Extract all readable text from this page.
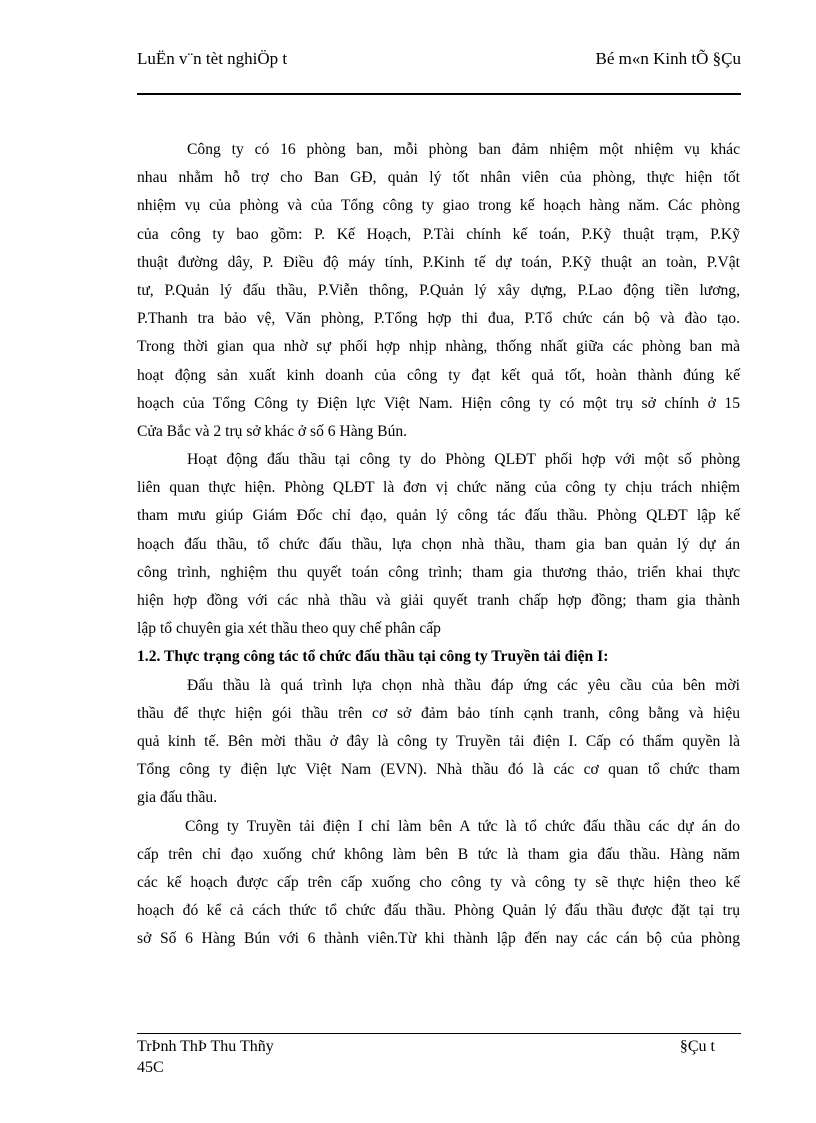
LuËn v¨n tèt nghiÖp t	Bé m«n Kinh tÕ §Çu
Công ty có 16 phòng ban, mỗi phòng ban đảm nhiệm một nhiệm vụ khác
nhau nhằm hỗ trợ cho Ban GĐ, quản lý tốt nhân viên của phòng, thực hiện tốt
nhiệm vụ của phòng và của Tổng công ty giao trong kế hoạch hàng năm. Các phòng
của công ty bao gồm: P. Kế Hoạch, P.Tài chính kế toán, P.Kỹ thuật trạm, P.Kỹ
thuật đường dây, P. Điều độ máy tính, P.Kinh tế dự toán, P.Kỹ thuật an toàn, P.Vật
tư, P.Quản lý đấu thầu, P.Viễn thông, P.Quản lý xây dựng, P.Lao động tiền lương,
P.Thanh tra bảo vệ, Văn phòng, P.Tổng hợp thi đua, P.Tổ chức cán bộ và đào tạo.
Trong thời gian qua nhờ sự phối hợp nhịp nhàng, thống nhất giữa các phòng ban mà
hoạt động sản xuất kinh doanh của công ty đạt kết quả tốt, hoàn thành đúng kế
hoạch của Tổng Công ty Điện lực Việt Nam. Hiện công ty có một trụ sở chính ở 15
Cửa Bắc và 2 trụ sở khác ở số 6 Hàng Bún.
Hoạt động đấu thầu tại công ty do Phòng QLĐT phối hợp với một số phòng
liên quan thực hiện. Phòng QLĐT là đơn vị chức năng của công ty chịu trách nhiệm
tham mưu giúp Giám Đốc chỉ đạo, quản lý công tác đấu thầu. Phòng QLĐT lập kế
hoạch đấu thầu, tổ chức đấu thầu, lựa chọn nhà thầu, tham gia ban quản lý dự án
công trình, nghiệm thu quyết toán công trình; tham gia thương thảo, triển khai thực
hiện hợp đồng với các nhà thầu và giải quyết tranh chấp hợp đồng; tham gia thành
lập tổ chuyên gia xét thầu theo quy chế phân cấp
1.2. Thực trạng công tác tổ chức đấu thầu tại công ty Truyền tải điện I:
Đấu thầu là quá trình lựa chọn nhà thầu đáp ứng các yêu cầu của bên mời
thầu để thực hiện gói thầu trên cơ sở đảm bảo tính cạnh tranh, công bằng và hiệu
quả kinh tế. Bên mời thầu ở đây là công ty Truyền tải điện I. Cấp có thẩm quyền là
Tổng công ty điện lực Việt Nam (EVN). Nhà thầu đó là các cơ quan tổ chức tham
gia đấu thầu.
Công ty Truyền tải điện I chỉ làm bên A tức là tổ chức đấu thầu các dự án do
cấp trên chỉ đạo xuống chứ không làm bên B tức là tham gia đấu thầu. Hàng năm
các kế hoạch được cấp trên cấp xuống cho công ty và công ty sẽ thực hiện theo kế
hoạch đó kể cả cách thức tổ chức đấu thầu. Phòng Quản lý đấu thầu được đặt tại trụ
sở Số 6 Hàng Bún với 6 thành viên.Từ khi thành lập đến nay các cán bộ của phòng
TrÞnh ThÞ Thu Thñy 45C
§Çu t
